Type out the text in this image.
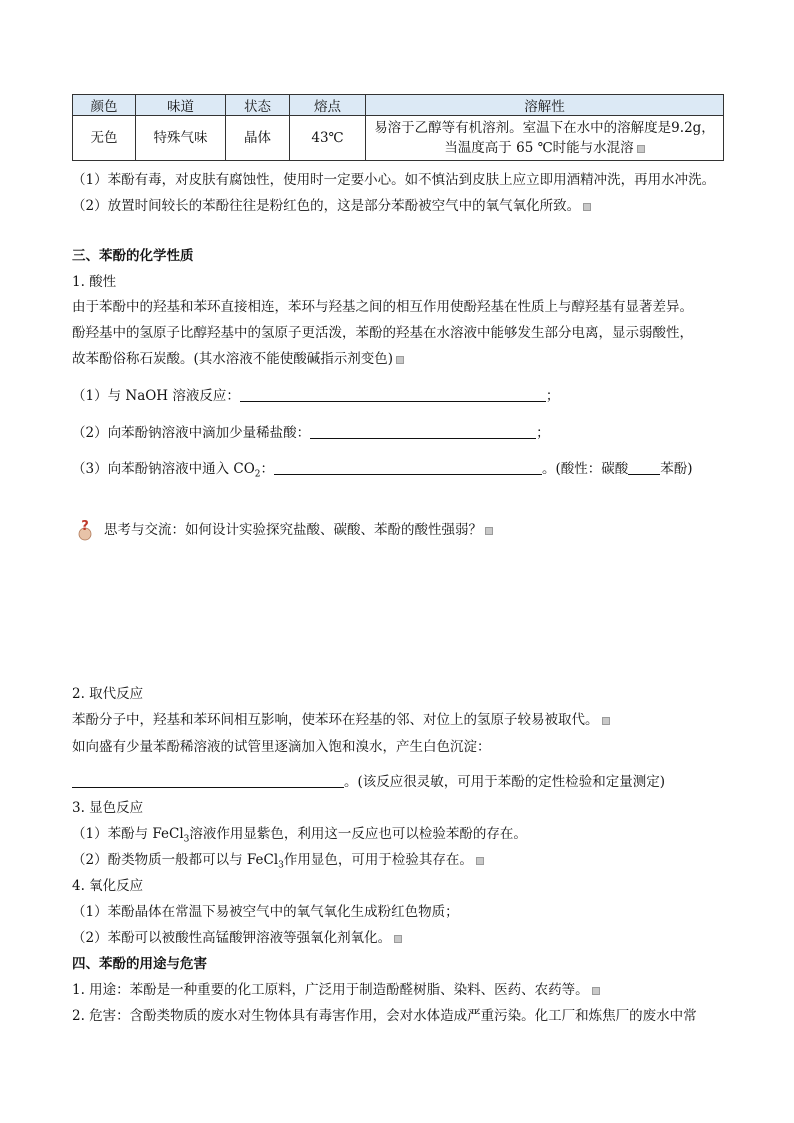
颜色	味道	状态	熔点	溶解性
无色	特殊气味	晶体	43℃	易溶于乙醇等有机溶剂。室温下在水中的溶解度是9.2g，当温度高于 65 ℃时能与水混溶
（1）苯酚有毒，对皮肤有腐蚀性，使用时一定要小心。如不慎沾到皮肤上应立即用酒精冲洗，再用水冲洗。
（2）放置时间较长的苯酚往往是粉红色的，这是部分苯酚被空气中的氧气氧化所致。
三、苯酚的化学性质
1. 酸性
由于苯酚中的羟基和苯环直接相连，苯环与羟基之间的相互作用使酚羟基在性质上与醇羟基有显著差异。
酚羟基中的氢原子比醇羟基中的氢原子更活泼，苯酚的羟基在水溶液中能够发生部分电离，显示弱酸性，
故苯酚俗称石炭酸。(其水溶液不能使酸碱指示剂变色)
（1）与 NaOH 溶液反应：	；
（2）向苯酚钠溶液中滴加少量稀盐酸：	；
（3）向苯酚钠溶液中通入 $CO_2$：	。(酸性：碳酸 苯酚)
? 思考与交流：如何设计实验探究盐酸、碳酸、苯酚的酸性强弱？
2. 取代反应
苯酚分子中，羟基和苯环间相互影响，使苯环在羟基的邻、对位上的氢原子较易被取代。
如向盛有少量苯酚稀溶液的试管里逐滴加入饱和溴水，产生白色沉淀：
。(该反应很灵敏，可用于苯酚的定性检验和定量测定)
3. 显色反应
（1）苯酚与 FeCl$_3$溶液作用显紫色，利用这一反应也可以检验苯酚的存在。
（2）酚类物质一般都可以与 FeCl$_3$作用显色，可用于检验其存在。
4. 氧化反应
（1）苯酚晶体在常温下易被空气中的氧气氧化生成粉红色物质；
（2）苯酚可以被酸性高锰酸钾溶液等强氧化剂氧化。
四、苯酚的用途与危害
1. 用途：苯酚是一种重要的化工原料，广泛用于制造酚醛树脂、染料、医药、农药等。
2. 危害：含酚类物质的废水对生物体具有毒害作用，会对水体造成严重污染。化工厂和炼焦厂的废水中常
